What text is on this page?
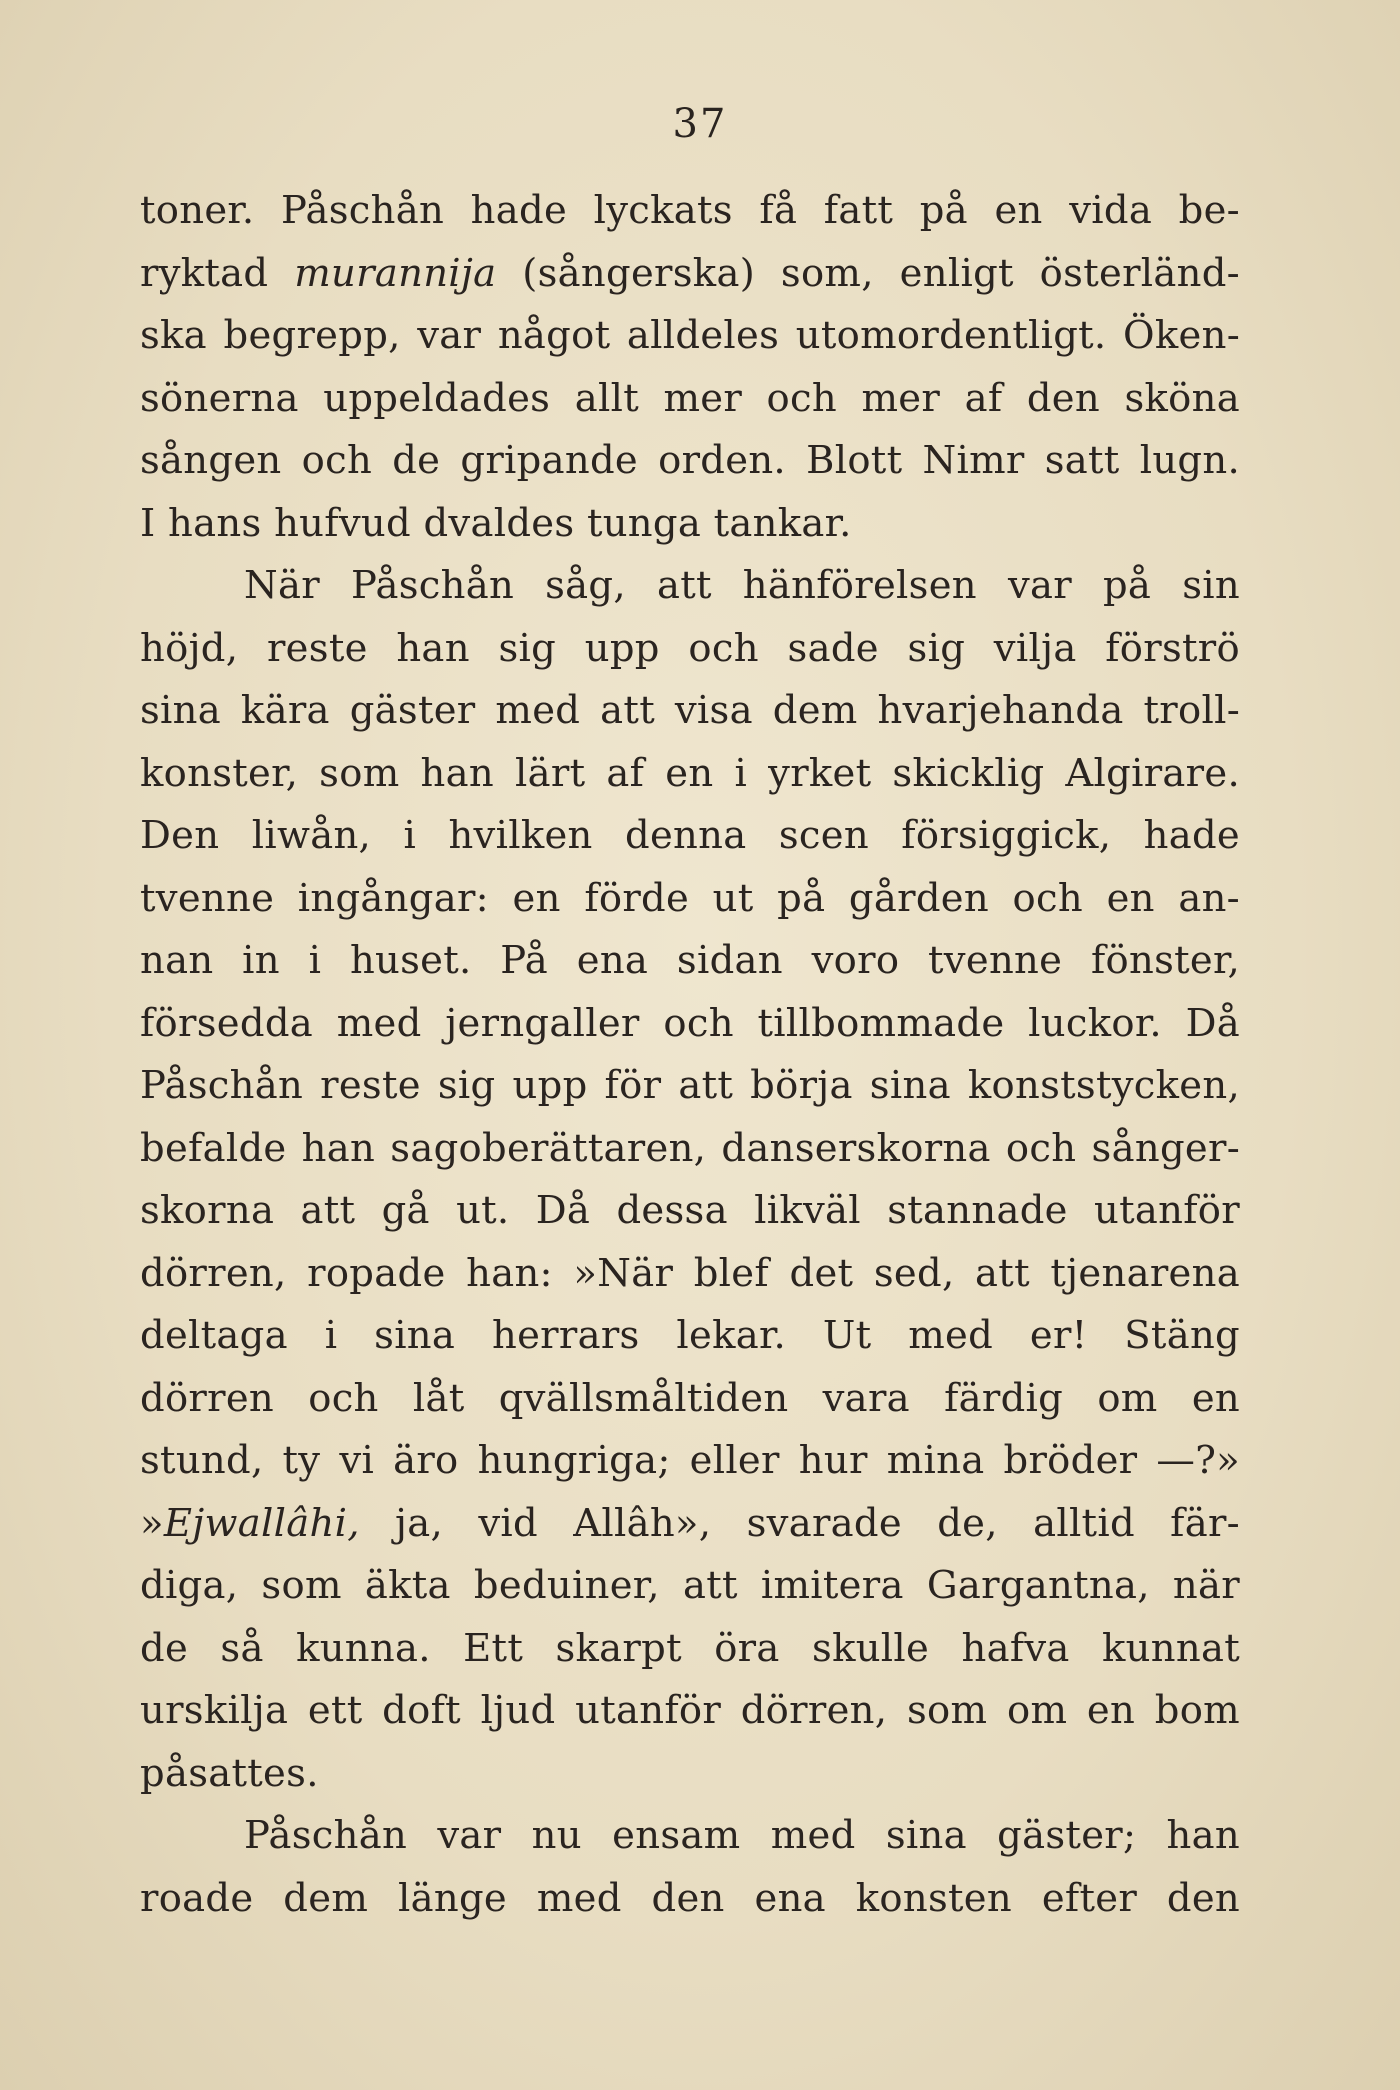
37
toner. Påschån hade lyckats få fatt på en vida be-
ryktad murannija (sångerska) som, enligt österländ-
ska begrepp, var något alldeles utomordentligt. Öken-
sönerna uppeldades allt mer och mer af den sköna
sången och de gripande orden. Blott Nimr satt lugn.
I hans hufvud dvaldes tunga tankar.
När Påschån såg, att hänförelsen var på sin
höjd, reste han sig upp och sade sig vilja förströ
sina kära gäster med att visa dem hvarjehanda troll-
konster, som han lärt af en i yrket skicklig Algirare.
Den liwån, i hvilken denna scen försiggick, hade
tvenne ingångar: en förde ut på gården och en an-
nan in i huset. På ena sidan voro tvenne fönster,
försedda med jerngaller och tillbommade luckor. Då
Påschån reste sig upp för att börja sina konststycken,
befalde han sagoberättaren, danserskorna och sånger-
skorna att gå ut. Då dessa likväl stannade utanför
dörren, ropade han: »När blef det sed, att tjenarena
deltaga i sina herrars lekar. Ut med er! Stäng
dörren och låt qvällsmåltiden vara färdig om en
stund, ty vi äro hungriga; eller hur mina bröder —?»
»Ejwallâhi, ja, vid Allâh», svarade de, alltid fär-
diga, som äkta beduiner, att imitera Gargantna, när
de så kunna. Ett skarpt öra skulle hafva kunnat
urskilja ett doft ljud utanför dörren, som om en bom
påsattes.
Påschån var nu ensam med sina gäster; han
roade dem länge med den ena konsten efter den
